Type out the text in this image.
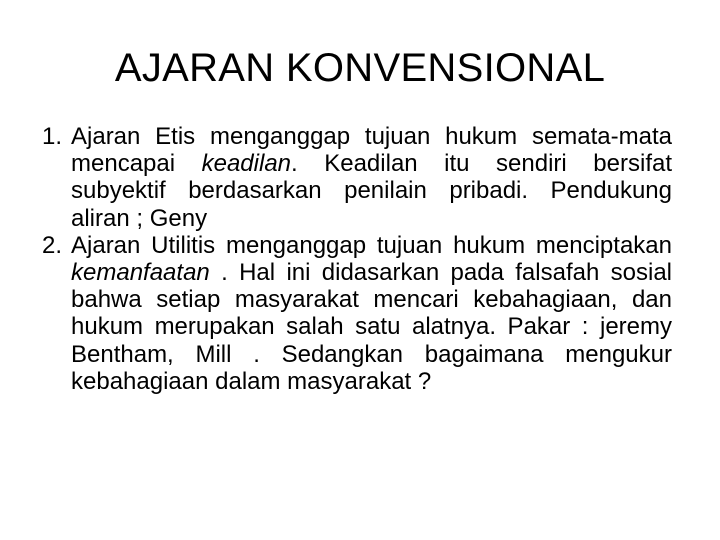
AJARAN KONVENSIONAL
1. Ajaran Etis menganggap tujuan hukum semata-mata mencapai keadilan. Keadilan itu sendiri bersifat subyektif berdasarkan penilain pribadi. Pendukung aliran ; Geny
2. Ajaran Utilitis menganggap tujuan hukum menciptakan kemanfaatan . Hal ini didasarkan pada falsafah sosial bahwa setiap masyarakat mencari kebahagiaan, dan hukum merupakan salah satu alatnya. Pakar : jeremy Bentham, Mill . Sedangkan bagaimana mengukur kebahagiaan dalam masyarakat ?
